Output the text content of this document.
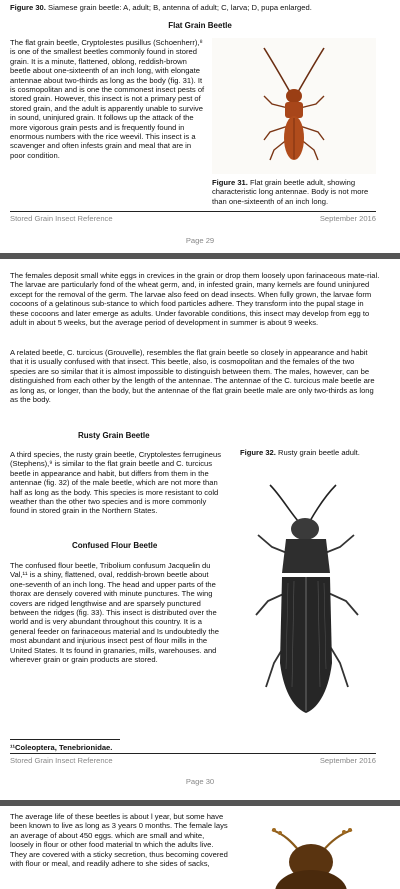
Figure 30. Siamese grain beetle: A, adult; B, antenna of adult; C, larva; D, pupa enlarged.
Flat Grain Beetle

The flat grain beetle, Cryptolestes pusillus (Schoenherr),⁸ is one of the smallest beetles commonly found in stored grain. It is a minute, flattened, oblong, reddish-brown beetle about one-sixteenth of an inch long, with elongate antennae about two-thirds as long as the body (fig. 31). It is cosmopolitan and is one the commonest insect pests of stored grain. However, this insect is not a primary pest of stored grain, and the adult is apparently unable to survive in sound, uninjured grain. It follows up the attack of the more vigorous grain pests and is frequently found in enormous numbers with the rice weevil. This insect is a scavenger and often infests grain and meal that are in poor condition.

Figure 31. Flat grain beetle adult, showing characteristic long antennae. Body is not more than one-sixteenth of an inch long.
Stored Grain Insect Reference	September 2016
Page 29

The females deposit small white eggs in crevices in the grain or drop them loosely upon farinaceous mate-rial. The larvae are particularly fond of the wheat germ, and, in infested grain, many kernels are found uninjured except for the removal of the germ. The larvae also feed on dead insects. When fully grown, the larvae form cocoons of a gelatinous sub-stance to which food particles adhere. They transform into the pupal stage in these cocoons and later emerge as adults. Under favorable conditions, this insect may develop from egg to adult in about 5 weeks, but the average period of development in summer is about 9 weeks.

A related beetle, C. turcicus (Grouvelle), resembles the flat grain beetle so closely in appearance and habit that it is usually confused with that insect. This beetle, also, is cosmopolitan and the females of the two species are so similar that it is almost impossible to distinguish between them. The males, however, can be distinguished from each other by the length of the antennae. The antennae of the C. turcicus male beetle are as long as, or longer, than the body, but the antennae of the flat grain beetle male are only two-thirds as long as the body.

Rusty Grain Beetle

A third species, the rusty grain beetle, Cryptolestes ferrugineus (Stephens),⁹ is similar to the flat grain beetle and C. turcicus beetle in appearance and habit, but differs from them in the antennae (fig. 32) of the male beetle, which are not more than half as long as the body. This species is more resistant to cold weather than the other two species and is more commonly found in stored grain in the Northern States.

Figure 32. Rusty grain beetle adult.
Confused Flour Beetle

The confused flour beetle, Tribolium confusum Jacquelin du Val,¹¹ is a shiny, flattened, oval, reddish-brown beetle about one-seventh of an inch long. The head and upper parts of the thorax are densely covered with minute punctures. The wing covers are ridged lengthwise and are sparsely punctured between the ridges (fig. 33). This insect is distributed over the world and is very abundant throughout this country. It is a general feeder on farinaceous material and Is undoubtedly the most abundant and injurious insect pest of flour mills in the United States. It ts found in granaries, mills, warehouses. and wherever grain or grain products are stored.

¹¹Coleoptera, Tenebrionidae.
Stored Grain Insect Reference	September 2016
Page 30

The average life of these beetles is about l year, but some have been known to live as long as 3 years 0 months. The female lays an average of about 450 eggs. which are small and white, loosely in flour or other food material tn which the adults live. They are covered with a sticky secretion, thus becoming covered with flour or meal, and readily adhere to she sides of sacks,
